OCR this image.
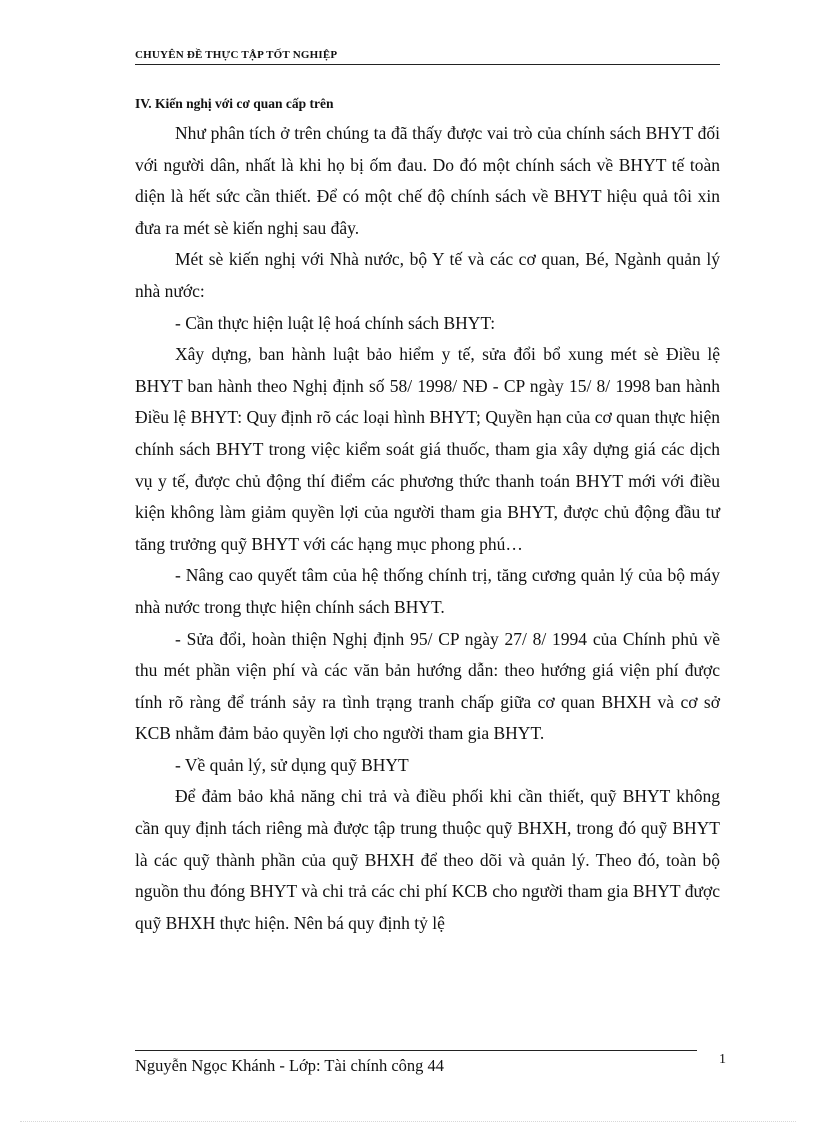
CHUYÊN ĐỀ THỰC TẬP TỐT NGHIỆP
IV. Kiến nghị với cơ quan cấp trên

Như phân tích ở trên chúng ta đã thấy được vai trò của chính sách BHYT đối với người dân, nhất là khi họ bị ốm đau. Do đó một chính sách về BHYT tế toàn diện là hết sức cần thiết. Để có một chế độ chính sách về BHYT hiệu quả tôi xin đưa ra mét sè kiến nghị sau đây.

Mét sè kiến nghị với Nhà nước, bộ Y tế và các cơ quan, Bé, Ngành quản lý nhà nước:

- Cần thực hiện luật lệ hoá chính sách BHYT:

Xây dựng, ban hành luật bảo hiểm y tế, sửa đổi bổ xung mét sè Điều lệ BHYT ban hành theo Nghị định số 58/ 1998/ NĐ - CP ngày 15/ 8/ 1998 ban hành Điều lệ BHYT: Quy định rõ các loại hình BHYT; Quyền hạn của cơ quan thực hiện chính sách BHYT trong việc kiểm soát giá thuốc, tham gia xây dựng giá các dịch vụ y tế, được chủ động thí điểm các phương thức thanh toán BHYT mới với điều kiện không làm giảm quyền lợi của người tham gia BHYT, được chủ động đầu tư tăng trưởng quỹ BHYT với các hạng mục phong phú…

- Nâng cao quyết tâm của hệ thống chính trị, tăng cương quản lý của bộ máy nhà nước trong thực hiện chính sách BHYT.

- Sửa đổi, hoàn thiện Nghị định 95/ CP ngày 27/ 8/ 1994 của Chính phủ về thu mét phần viện phí và các văn bản hướng dẫn: theo hướng giá viện phí được tính rõ ràng để tránh sảy ra tình trạng tranh chấp giữa cơ quan BHXH và cơ sở KCB nhằm đảm bảo quyền lợi cho người tham gia BHYT.

- Về quản lý, sử dụng quỹ BHYT

Để đảm bảo khả năng chi trả và điều phối khi cần thiết, quỹ BHYT không cần quy định tách riêng mà được tập trung thuộc quỹ BHXH, trong đó quỹ BHYT là các quỹ thành phần của quỹ BHXH để theo dõi và quản lý. Theo đó, toàn bộ nguồn thu đóng BHYT và chi trả các chi phí KCB cho người tham gia BHYT được quỹ BHXH thực hiện. Nên bá quy định tỷ lệ

Nguyễn Ngọc Khánh - Lớp: Tài chính công 44	1
